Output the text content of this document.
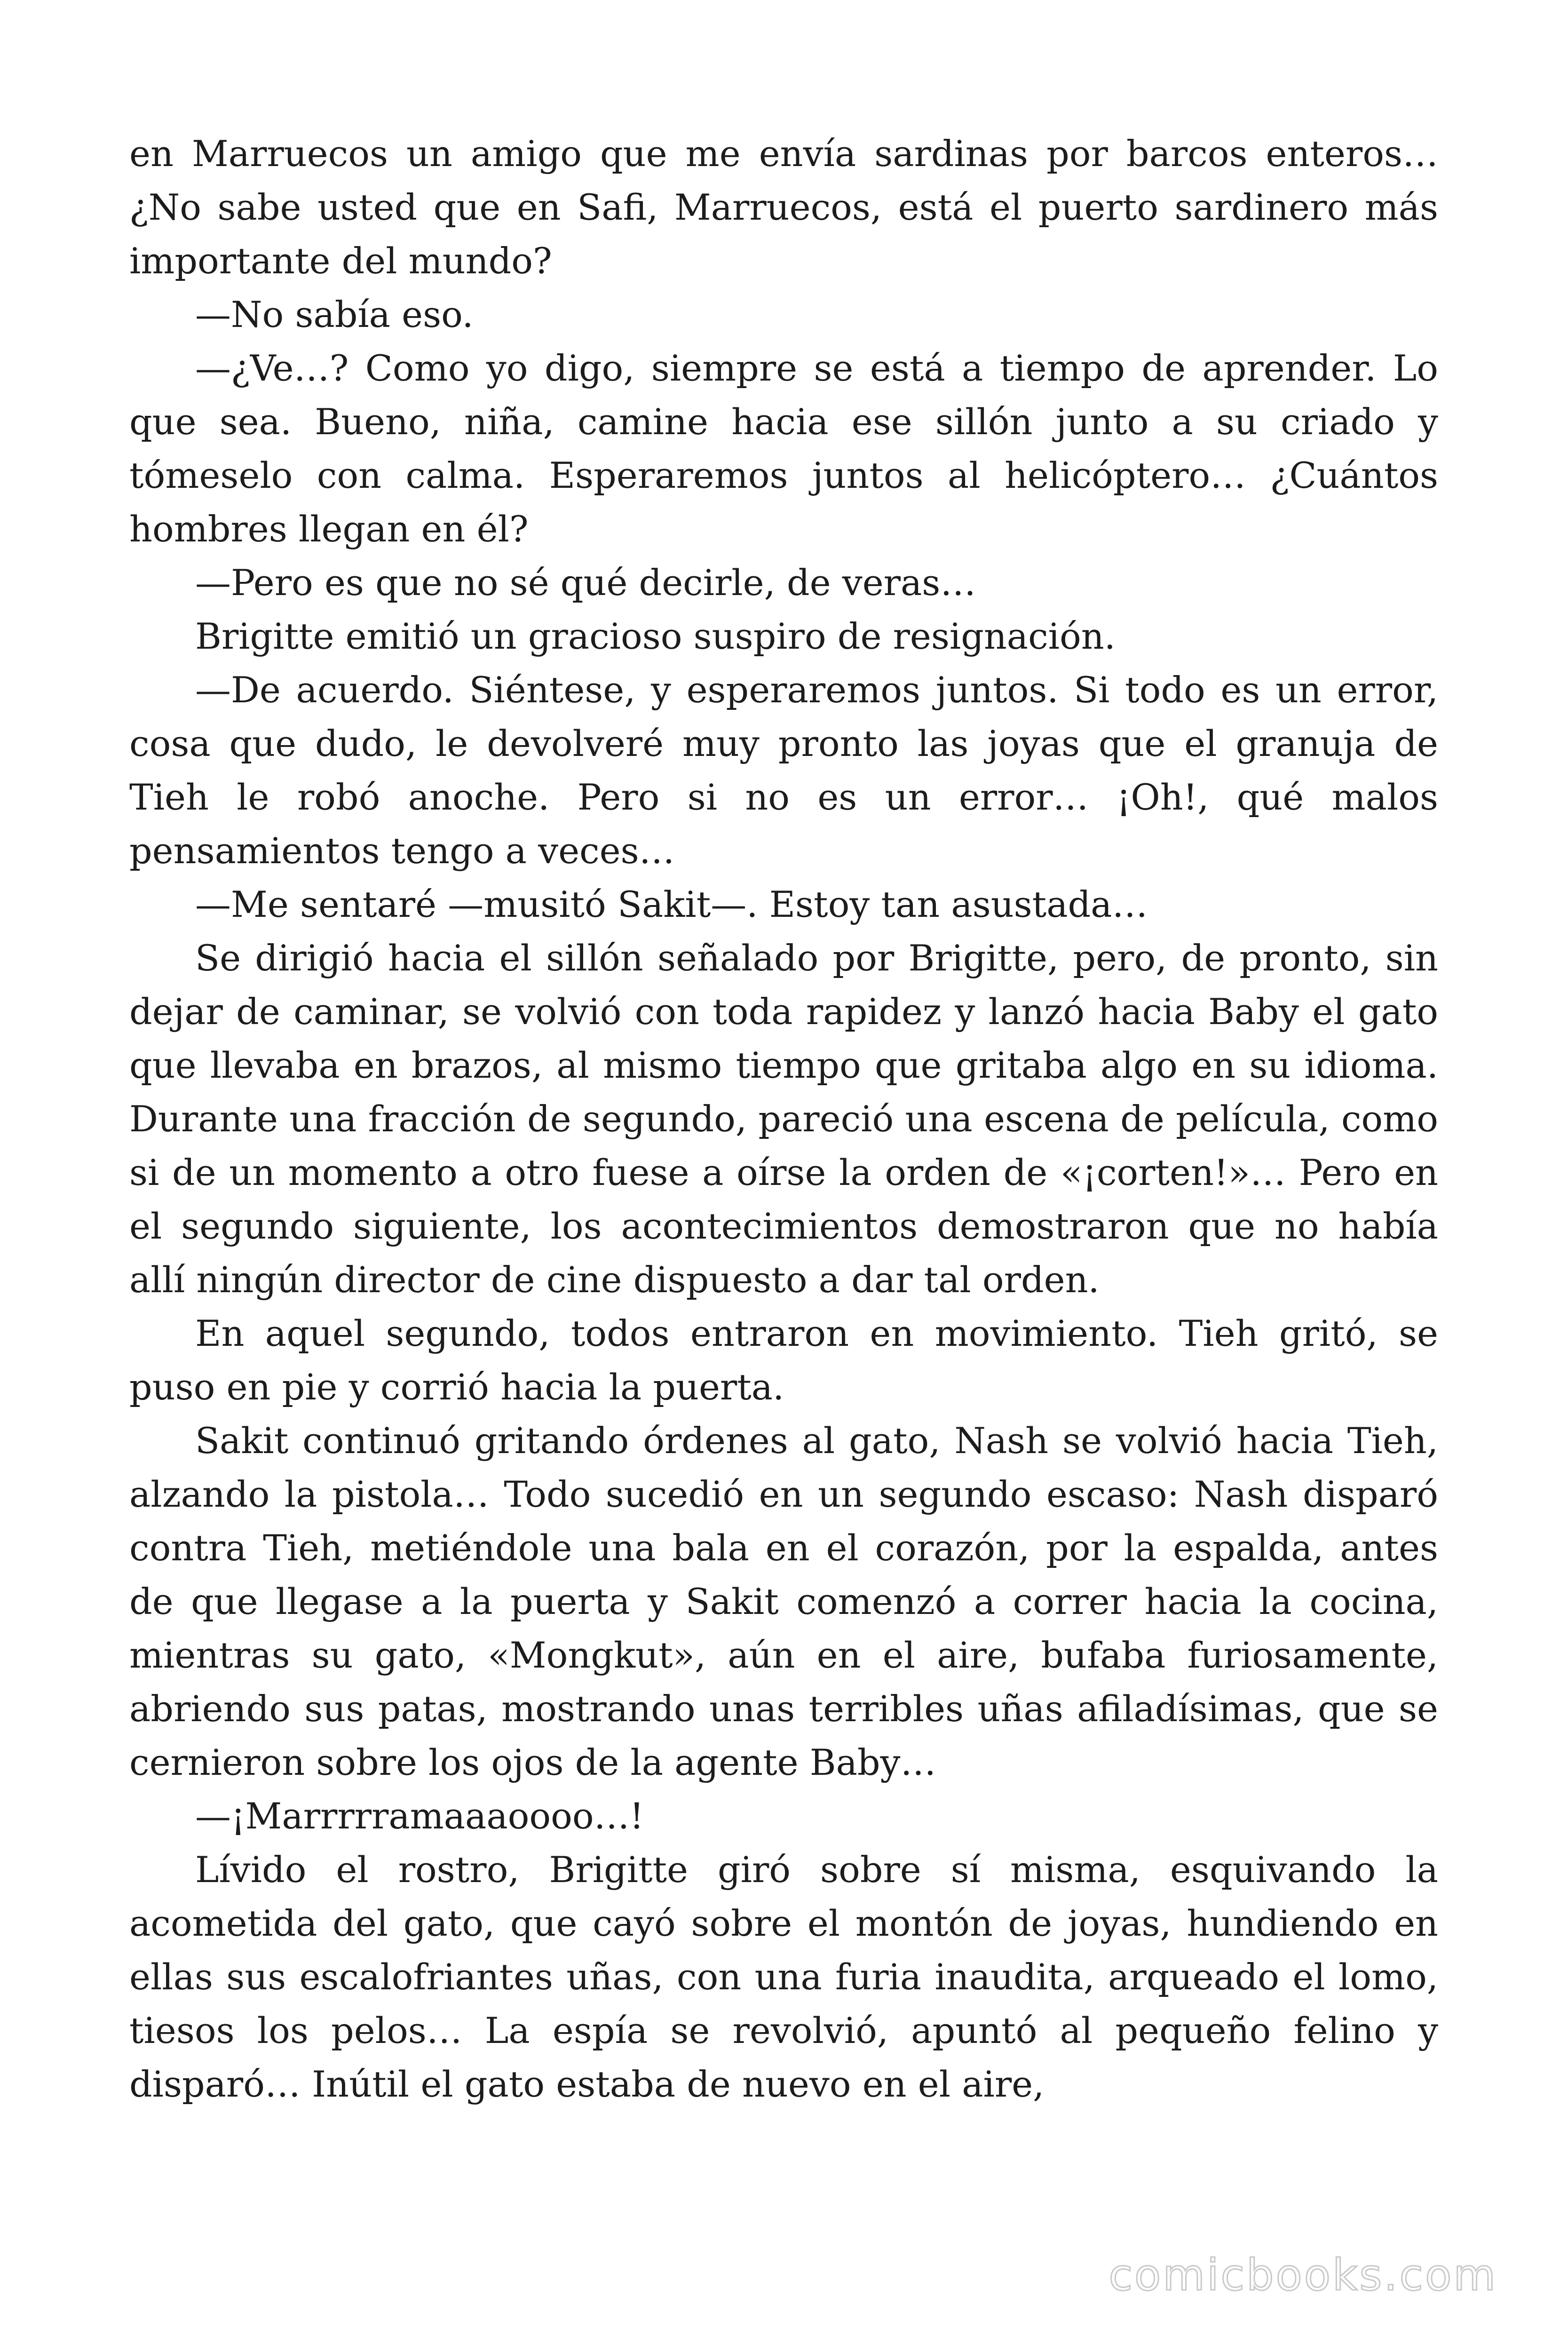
en Marruecos un amigo que me envía sardinas por barcos enteros… ¿No sabe usted que en Safi, Marruecos, está el puerto sardinero más importante del mundo?

—No sabía eso.

—¿Ve…? Como yo digo, siempre se está a tiempo de aprender. Lo que sea. Bueno, niña, camine hacia ese sillón junto a su criado y tómeselo con calma. Esperaremos juntos al helicóptero… ¿Cuántos hombres llegan en él?

—Pero es que no sé qué decirle, de veras…

Brigitte emitió un gracioso suspiro de resignación.

—De acuerdo. Siéntese, y esperaremos juntos. Si todo es un error, cosa que dudo, le devolveré muy pronto las joyas que el granuja de Tieh le robó anoche. Pero si no es un error… ¡Oh!, qué malos pensamientos tengo a veces…

—Me sentaré —musitó Sakit—. Estoy tan asustada…

Se dirigió hacia el sillón señalado por Brigitte, pero, de pronto, sin dejar de caminar, se volvió con toda rapidez y lanzó hacia Baby el gato que llevaba en brazos, al mismo tiempo que gritaba algo en su idioma. Durante una fracción de segundo, pareció una escena de película, como si de un momento a otro fuese a oírse la orden de «¡corten!»… Pero en el segundo siguiente, los acontecimientos demostraron que no había allí ningún director de cine dispuesto a dar tal orden.

En aquel segundo, todos entraron en movimiento. Tieh gritó, se puso en pie y corrió hacia la puerta.

Sakit continuó gritando órdenes al gato, Nash se volvió hacia Tieh, alzando la pistola… Todo sucedió en un segundo escaso: Nash disparó contra Tieh, metiéndole una bala en el corazón, por la espalda, antes de que llegase a la puerta y Sakit comenzó a correr hacia la cocina, mientras su gato, «Mongkut», aún en el aire, bufaba furiosamente, abriendo sus patas, mostrando unas terribles uñas afiladísimas, que se cernieron sobre los ojos de la agente Baby…

—¡Marrrrramaaaoooo…!

Lívido el rostro, Brigitte giró sobre sí misma, esquivando la acometida del gato, que cayó sobre el montón de joyas, hundiendo en ellas sus escalofriantes uñas, con una furia inaudita, arqueado el lomo, tiesos los pelos… La espía se revolvió, apuntó al pequeño felino y disparó… Inútil el gato estaba de nuevo en el aire,

comicbooks.com
